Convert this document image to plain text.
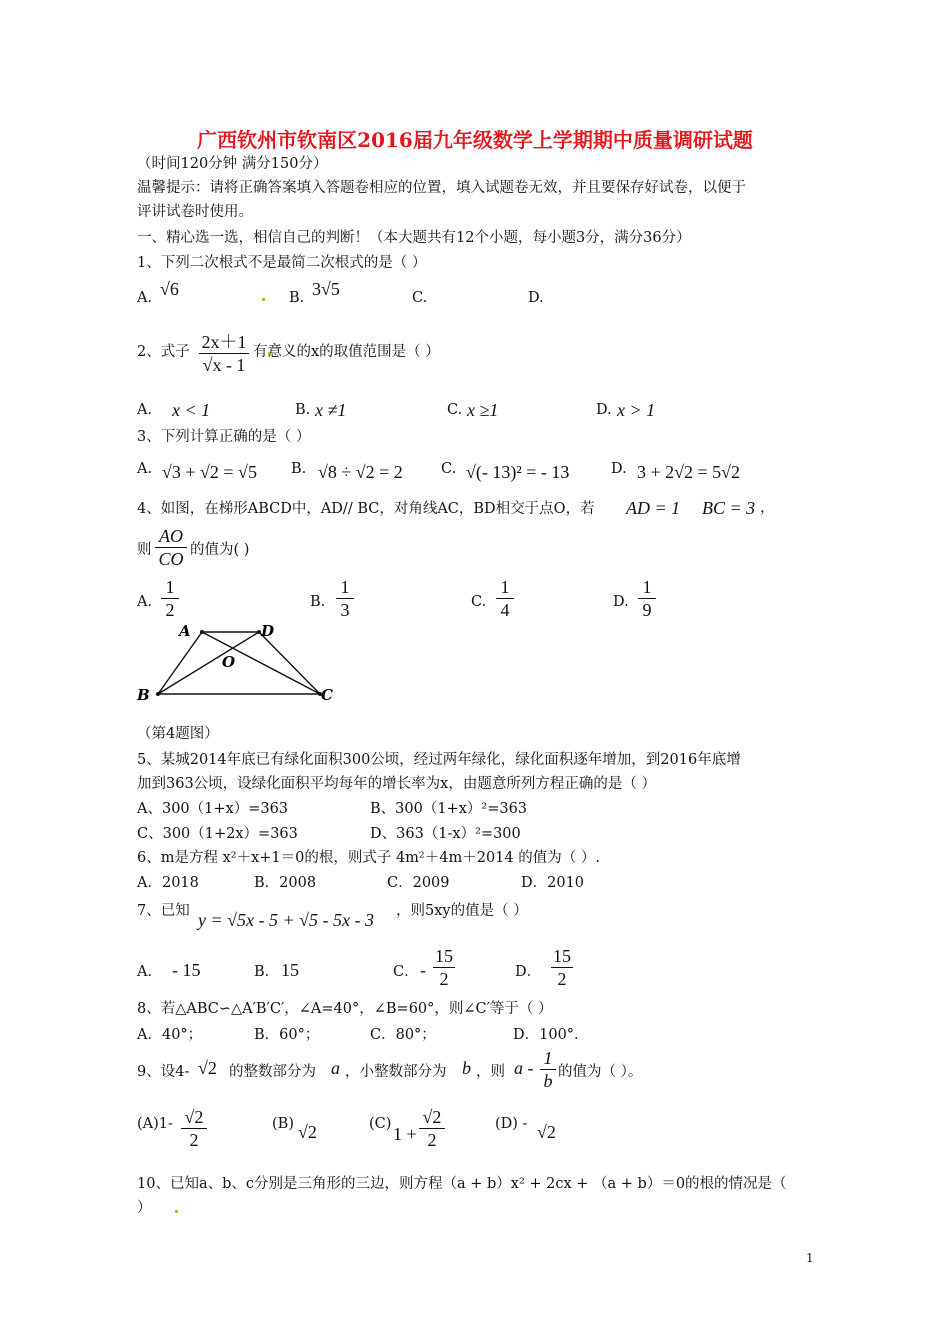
广西钦州市钦南区2016届九年级数学上学期期中质量调研试题
（时间120分钟 满分150分）
温馨提示：请将正确答案填入答题卷相应的位置，填入试题卷无效，并且要保存好试卷，以便于
评讲试卷时使用。
一、精心选一选，相信自己的判断！（本大题共有12个小题，每小题3分，满分36分）
1、下列二次根式不是最简二次根式的是（ ）
A. √6	B. 3√5	C.	D.
2、式子 2x＋1
√x - 1
有意义的x的取值范围是（ ）
A. x < 1	B. x ≠1	C. x ≥1	D. x > 1
3、下列计算正确的是（ ）
A. √3 + √2 = √5 B. √8 ÷ √2 = 2	C. √(- 13)² = - 13	D. 3 + 2√2 = 5√2
4、如图，在梯形ABCD中，AD// BC，对角线AC，BD相交于点O，若 AD = 1 BC = 3 ，
则
AO
CO 的值为( )
A.
1
2	B.
1
3	C.
1
4	D.
1
9
A	D
O
B	C
（第4题图）
5、某城2014年底已有绿化面积300公顷，经过两年绿化，绿化面积逐年增加，到2016年底增
加到363公顷，设绿化面积平均每年的增长率为x，由题意所列方程正确的是（ ）
A、300（1+x）=363	B、300（1+x）²=363
C、300（1+2x）=363	D、363（1-x）²=300
6、m是方程 x²＋x+1＝0的根，则式子 4m²＋4m＋2014 的值为（ ）.
A．2018	B．2008	C．2009	D．2010
7、已知 y = √5x - 5 + √5 - 5x - 3 ，则5xy的值是（ ）
A． - 15	B． 15	C． -
15
2	D．
15
2
8、若△ABC∽△A′B′C′，∠A=40°，∠B=60°，则∠C′等于（ ）
A．40°；	B．60°；	C．80°；	D．100°．
9、设4- √2 的整数部分为 a ，小整数部分为 b ，则 a - 1
b 的值为（ ）。
(A)1- √2
2
(B) √2	(C) 1 +
√2
2
(D) - √2
10、已知a、b、c分别是三角形的三边，则方程（a + b）x² + 2cx + （a + b）＝0的根的情况是（
）
1
